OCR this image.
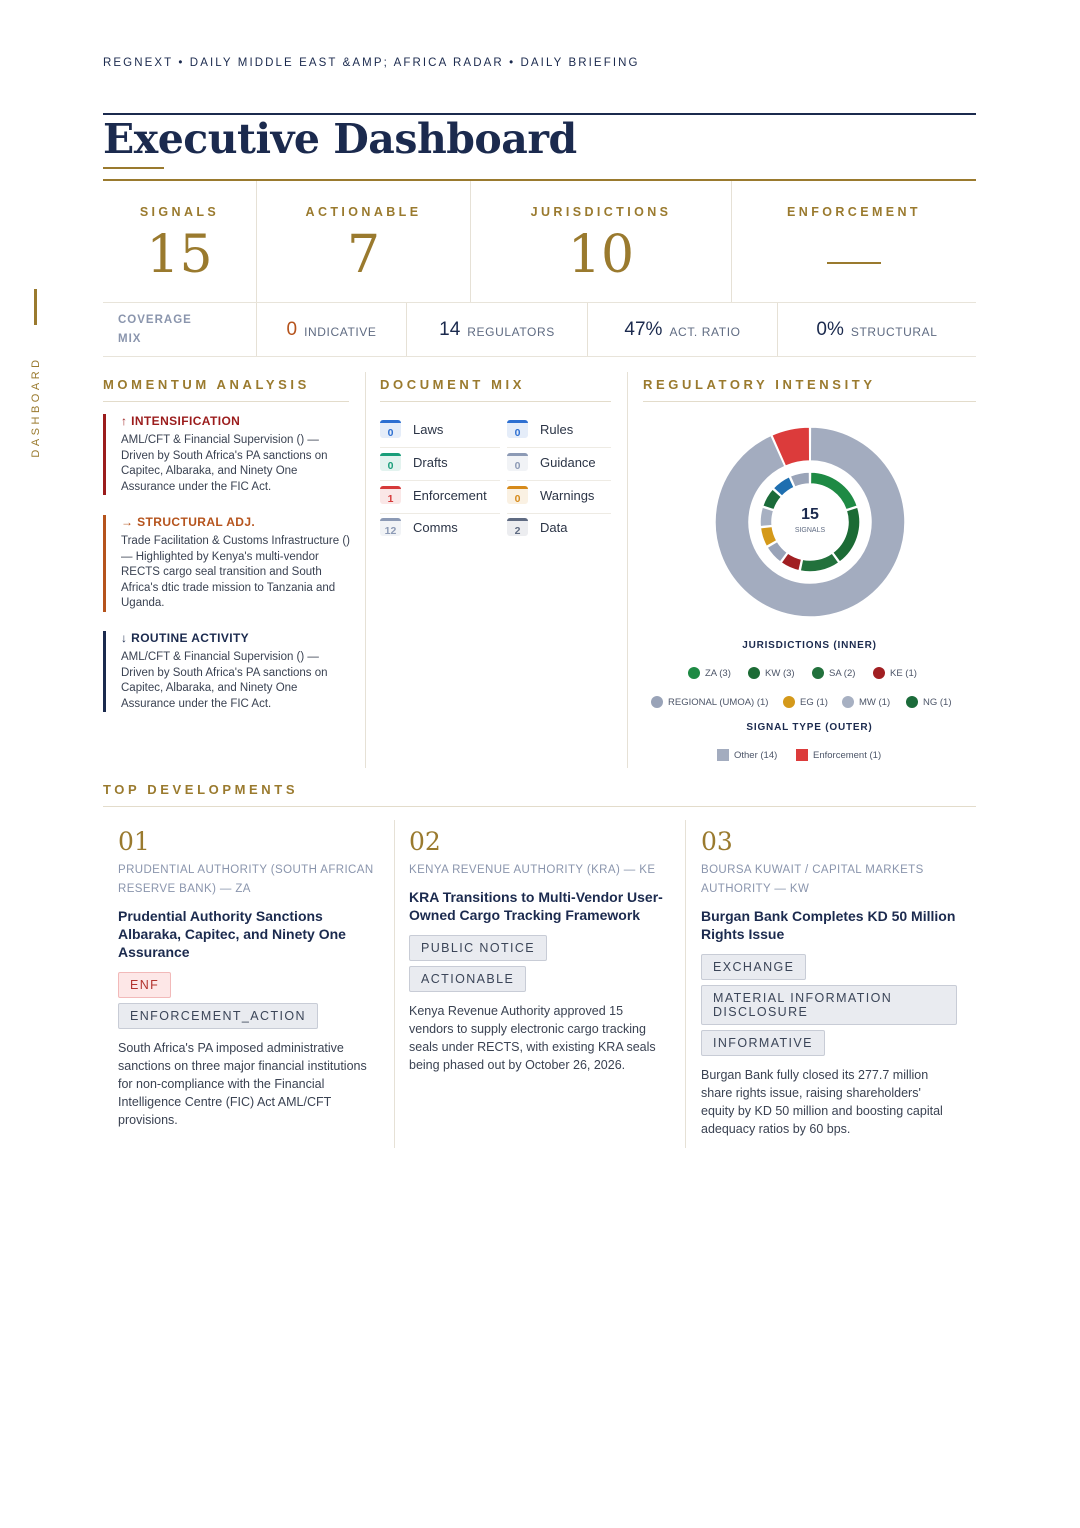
REGNEXT • DAILY MIDDLE EAST &AMP; AFRICA RADAR • DAILY BRIEFING
Executive Dashboard
DASHBOARD
SIGNALS
15
ACTIONABLE
7
JURISDICTIONS
10
ENFORCEMENT
COVERAGE MIX	0 INDICATIVE	14 REGULATORS	47% ACT. RATIO	0% STRUCTURAL
MOMENTUM ANALYSIS	DOCUMENT MIX	REGULATORY INTENSITY
↑ INTENSIFICATION
AML/CFT & Financial Supervision () — Driven by South Africa's PA sanctions on Capitec, Albaraka, and Ninety One Assurance under the FIC Act.
→ STRUCTURAL ADJ.
Trade Facilitation & Customs Infrastructure () — Highlighted by Kenya's multi-vendor RECTS cargo seal transition and South Africa's dtic trade mission to Tanzania and Uganda.
↓ ROUTINE ACTIVITY
AML/CFT & Financial Supervision () — Driven by South Africa's PA sanctions on Capitec, Albaraka, and Ninety One Assurance under the FIC Act.
0	Laws	0	Rules
0	Drafts	0	Guidance
1	Enforcement	0	Warnings
12	Comms	2	Data
15
SIGNALS
JURISDICTIONS (INNER)
ZA (3)	KW (3)	SA (2)	KE (1)
REGIONAL (UMOA) (1)	EG (1)	MW (1)	NG (1)
SIGNAL TYPE (OUTER)
Other (14)	Enforcement (1)
TOP DEVELOPMENTS
01
PRUDENTIAL AUTHORITY (SOUTH AFRICAN RESERVE BANK) — ZA
Prudential Authority Sanctions Albaraka, Capitec, and Ninety One Assurance
ENF
ENFORCEMENT_ACTION
South Africa's PA imposed administrative sanctions on three major financial institutions for non-compliance with the Financial Intelligence Centre (FIC) Act AML/CFT provisions.
02
KENYA REVENUE AUTHORITY (KRA) — KE
KRA Transitions to Multi-Vendor User-Owned Cargo Tracking Framework
PUBLIC NOTICE
ACTIONABLE
Kenya Revenue Authority approved 15 vendors to supply electronic cargo tracking seals under RECTS, with existing KRA seals being phased out by October 26, 2026.
03
BOURSA KUWAIT / CAPITAL MARKETS AUTHORITY — KW
Burgan Bank Completes KD 50 Million Rights Issue
EXCHANGE
MATERIAL INFORMATION DISCLOSURE
INFORMATIVE
Burgan Bank fully closed its 277.7 million share rights issue, raising shareholders' equity by KD 50 million and boosting capital adequacy ratios by 60 bps.
